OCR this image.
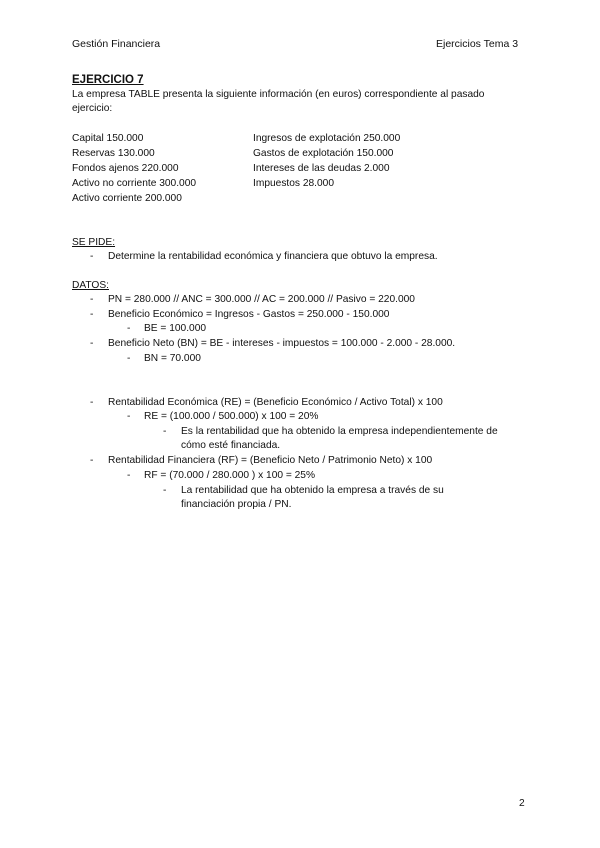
Gestión Financiera	Ejercicios Tema 3
EJERCICIO 7
La empresa TABLE presenta la siguiente información (en euros) correspondiente al pasado
ejercicio:
Capital 150.000
Reservas 130.000
Fondos ajenos 220.000
Activo no corriente 300.000
Activo corriente 200.000
Ingresos de explotación 250.000
Gastos de explotación 150.000
Intereses de las deudas 2.000
Impuestos 28.000
SE PIDE:
- Determine la rentabilidad económica y financiera que obtuvo la empresa.
DATOS:
- PN = 280.000 // ANC = 300.000 // AC = 200.000 // Pasivo = 220.000
- Beneficio Económico = Ingresos - Gastos = 250.000 - 150.000
- BE = 100.000
- Beneficio Neto (BN) = BE - intereses - impuestos = 100.000 - 2.000 - 28.000.
- BN = 70.000
- Rentabilidad Económica (RE) = (Beneficio Económico / Activo Total) x 100
- RE = (100.000 / 500.000) x 100 = 20%
- Es la rentabilidad que ha obtenido la empresa independientemente de
cómo esté financiada.
- Rentabilidad Financiera (RF) = (Beneficio Neto / Patrimonio Neto) x 100
- RF = (70.000 / 280.000 ) x 100 = 25%
- La rentabilidad que ha obtenido la empresa a través de su
financiación propia / PN.
2
